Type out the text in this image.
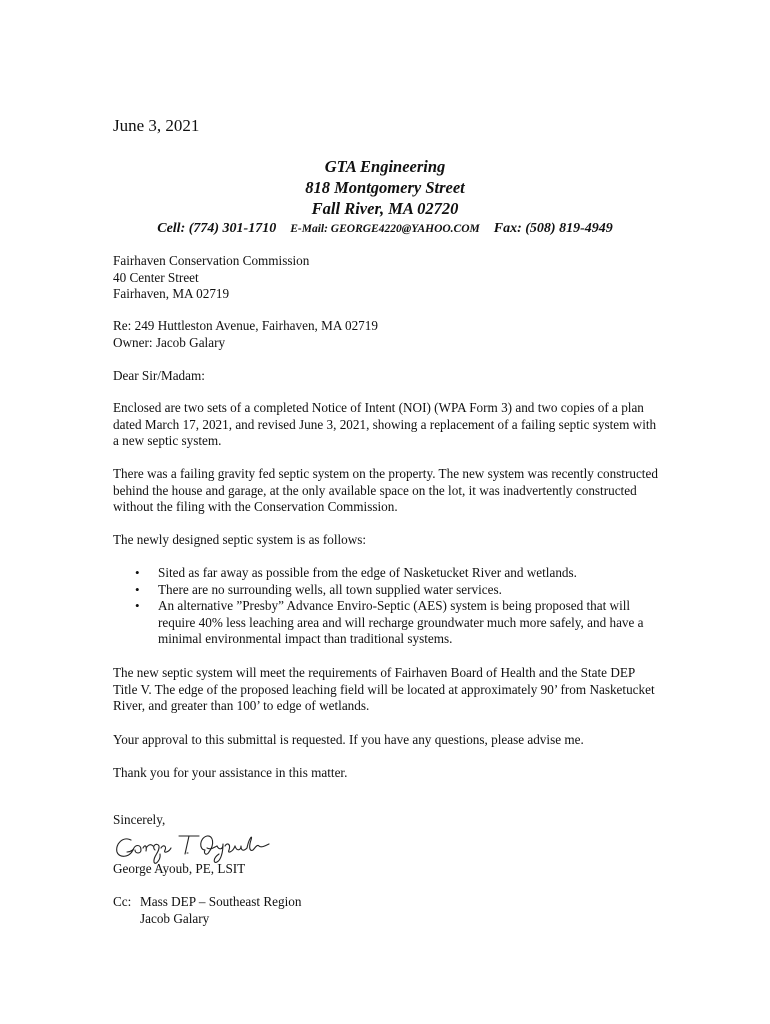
June 3, 2021
GTA Engineering
818 Montgomery Street
Fall River, MA 02720
Cell: (774) 301-1710 E-Mail: GEORGE4220@YAHOO.COM Fax: (508) 819-4949
Fairhaven Conservation Commission
40 Center Street
Fairhaven, MA 02719
Re: 249 Huttleston Avenue, Fairhaven, MA 02719
Owner: Jacob Galary
Dear Sir/Madam:
Enclosed are two sets of a completed Notice of Intent (NOI) (WPA Form 3) and two copies of a plan dated March 17, 2021, and revised June 3, 2021, showing a replacement of a failing septic system with a new septic system.
There was a failing gravity fed septic system on the property. The new system was recently constructed behind the house and garage, at the only available space on the lot, it was inadvertently constructed without the filing with the Conservation Commission.
The newly designed septic system is as follows:
• Sited as far away as possible from the edge of Nasketucket River and wetlands.
• There are no surrounding wells, all town supplied water services.
• An alternative ”Presby” Advance Enviro-Septic (AES) system is being proposed that will require 40% less leaching area and will recharge groundwater much more safely, and have a minimal environmental impact than traditional systems.
The new septic system will meet the requirements of Fairhaven Board of Health and the State DEP Title V. The edge of the proposed leaching field will be located at approximately 90’ from Nasketucket River, and greater than 100’ to edge of wetlands.
Your approval to this submittal is requested. If you have any questions, please advise me.
Thank you for your assistance in this matter.
Sincerely,
George Ayoub, PE, LSIT
Cc: Mass DEP – Southeast Region
Jacob Galary
